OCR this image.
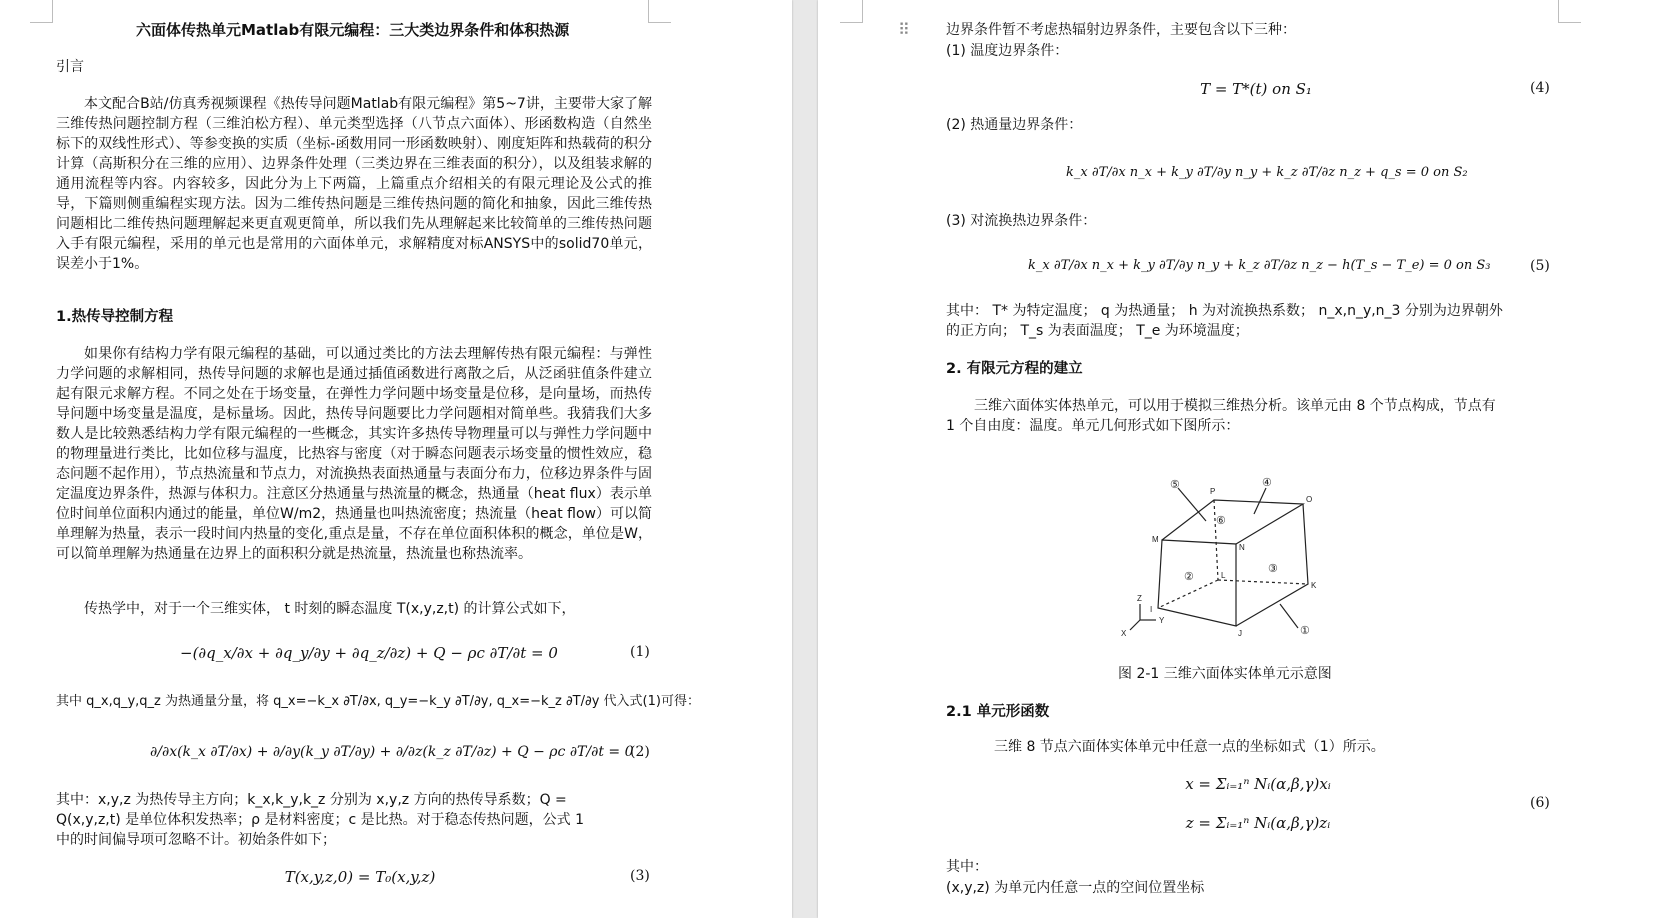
六面体传热单元Matlab有限元编程：三大类边界条件和体积热源
引言

本文配合B站/仿真秀视频课程《热传导问题Matlab有限元编程》第5~7讲，主要带大家了解三维传热问题控制方程（三维泊松方程）、单元类型选择（八节点六面体）、形函数构造（自然坐标下的双线性形式）、等参变换的实质（坐标-函数用同一形函数映射）、刚度矩阵和热载荷的积分计算（高斯积分在三维的应用）、边界条件处理（三类边界在三维表面的积分），以及组装求解的通用流程等内容。内容较多，因此分为上下两篇，上篇重点介绍相关的有限元理论及公式的推导，下篇则侧重编程实现方法。因为二维传热问题是三维传热问题的简化和抽象，因此三维传热问题相比二维传热问题理解起来更直观更简单，所以我们先从理解起来比较简单的三维传热问题入手有限元编程，采用的单元也是常用的六面体单元，求解精度对标ANSYS中的solid70单元，误差小于1%。

1.热传导控制方程

如果你有结构力学有限元编程的基础，可以通过类比的方法去理解传热有限元编程：与弹性力学问题的求解相同，热传导问题的求解也是通过插值函数进行离散之后，从泛函驻值条件建立起有限元求解方程。不同之处在于场变量，在弹性力学问题中场变量是位移，是向量场，而热传导问题中场变量是温度，是标量场。因此，热传导问题要比力学问题相对简单些。我猜我们大多数人是比较熟悉结构力学有限元编程的一些概念，其实许多热传导物理量可以与弹性力学问题中的物理量进行类比，比如位移与温度，比热容与密度（对于瞬态问题表示场变量的惯性效应，稳态问题不起作用），节点热流量和节点力，对流换热表面热通量与表面分布力，位移边界条件与固定温度边界条件，热源与体积力。注意区分热通量与热流量的概念，热通量（heat flux）表示单位时间单位面积内通过的能量，单位W/m2，热通量也叫热流密度；热流量（heat flow）可以简单理解为热量，表示一段时间内热量的变化,重点是量，不存在单位面积体积的概念，单位是W，可以简单理解为热通量在边界上的面积积分就是热流量，热流量也称热流率。

传热学中，对于一个三维实体， t 时刻的瞬态温度 T(x,y,z,t) 的计算公式如下，
−(∂q_x/∂x + ∂q_y/∂y + ∂q_z/∂z) + Q − ρc ∂T/∂t = 0	(1)
其中 q_x,q_y,q_z 为热通量分量，将 q_x=−k_x ∂T/∂x, q_y=−k_y ∂T/∂y, q_x=−k_z ∂T/∂y 代入式(1)可得：
∂/∂x(k_x ∂T/∂x) + ∂/∂y(k_y ∂T/∂y) + ∂/∂z(k_z ∂T/∂z) + Q − ρc ∂T/∂t = 0
(2)
其中：x,y,z 为热传导主方向；k_x,k_y,k_z 分别为 x,y,z 方向的热传导系数；Q =
Q(x,y,z,t) 是单位体积发热率；ρ 是材料密度；c 是比热。对于稳态传热问题，公式 1
中的时间偏导项可忽略不计。初始条件如下；
T(x,y,z,0) = T₀(x,y,z)	(3)
⠿	边界条件暂不考虑热辐射边界条件，主要包含以下三种：
(1) 温度边界条件：
T = T*(t) on S₁	(4)
(2) 热通量边界条件：
k_x ∂T/∂x n_x + k_y ∂T/∂y n_y + k_z ∂T/∂z n_z + q_s = 0 on S₂
(3) 对流换热边界条件：
k_x ∂T/∂x n_x + k_y ∂T/∂y n_y + k_z ∂T/∂z n_z − h(T_s − T_e) = 0 on S₃	(5)
其中： T* 为特定温度； q 为热通量； h 为对流换热系数； n_x,n_y,n_3 分别为边界朝外
的正方向； T_s 为表面温度； T_e 为环境温度；
2. 有限元方程的建立
三维六面体实体热单元，可以用于模拟三维热分析。该单元由 8 个节点构成，节点有
1 个自由度：温度。单元几何形式如下图所示：
P
O
M
N
L
K
I
J
⑤	④
⑥
②
③
①
Z
Y
X
图 2-1 三维六面体实体单元示意图
2.1 单元形函数
三维 8 节点六面体实体单元中任意一点的坐标如式（1）所示。
x = Σᵢ₌₁ⁿ Nᵢ(α,β,γ)xᵢ
z = Σᵢ₌₁ⁿ Nᵢ(α,β,γ)zᵢ
(6)
其中：
(x,y,z) 为单元内任意一点的空间位置坐标
